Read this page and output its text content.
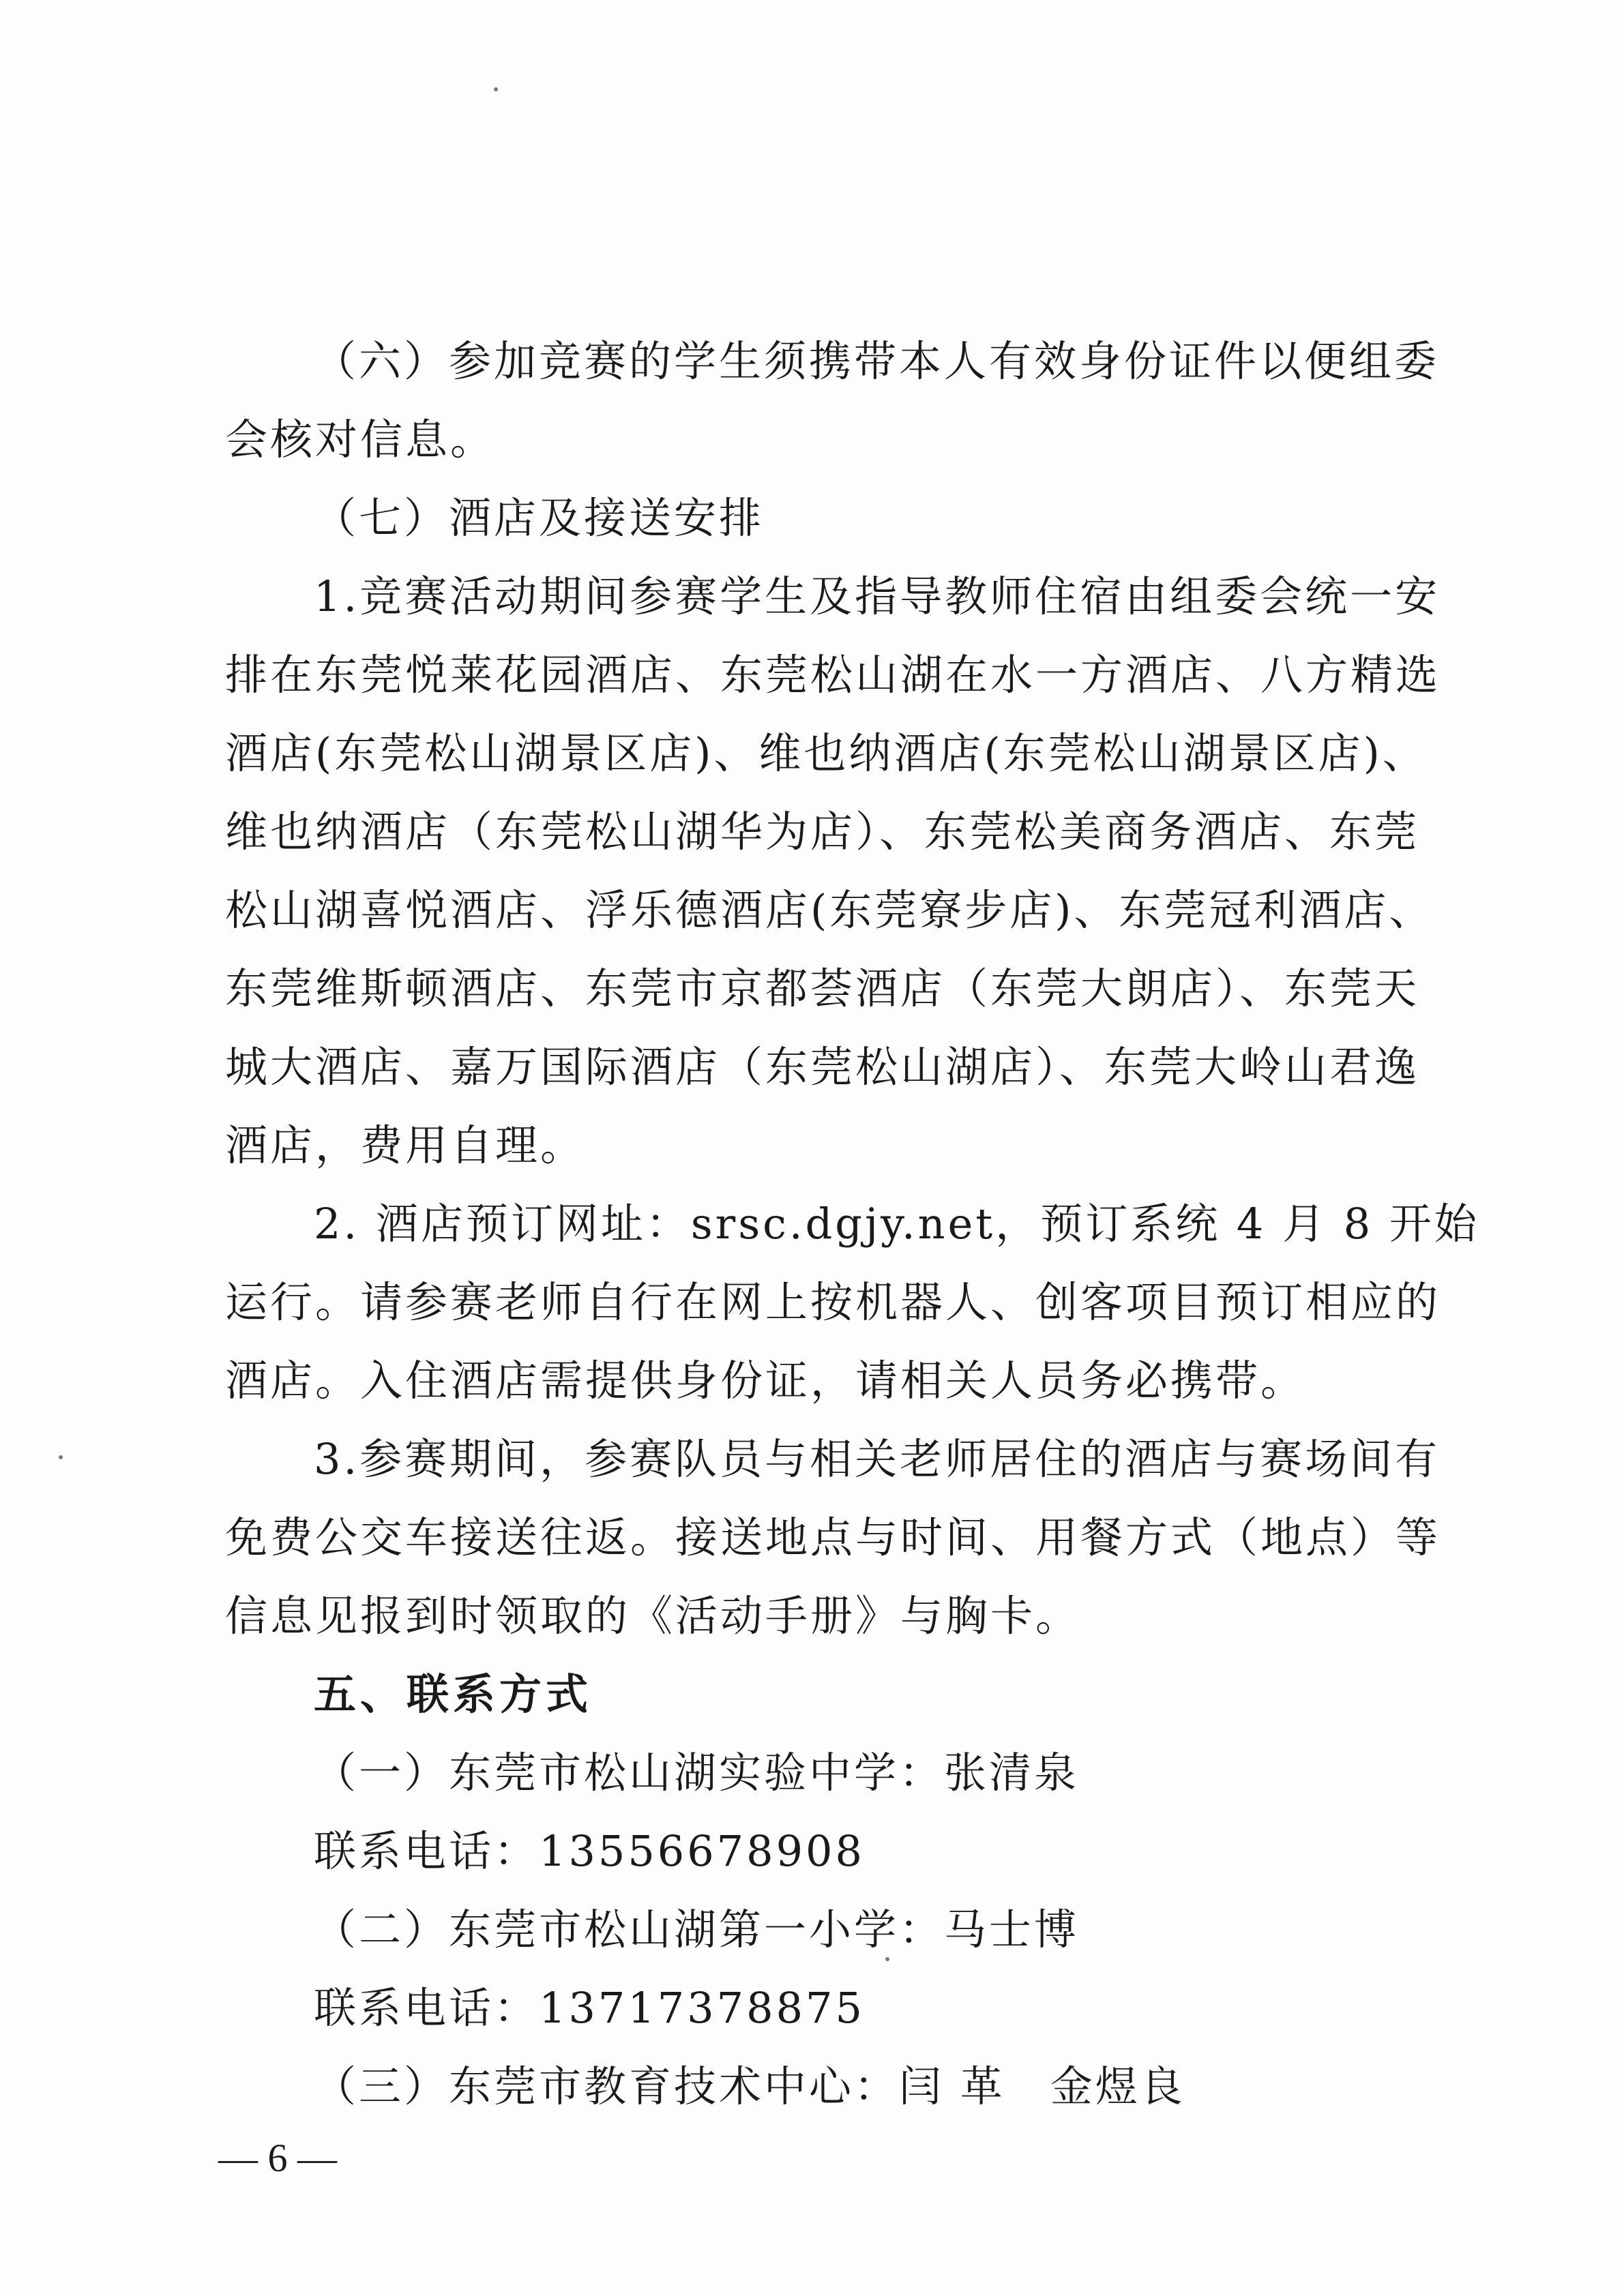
（六）参加竞赛的学生须携带本人有效身份证件以便组委
会核对信息。
（七）酒店及接送安排
1.竞赛活动期间参赛学生及指导教师住宿由组委会统一安
排在东莞悦莱花园酒店、东莞松山湖在水一方酒店、八方精选
酒店(东莞松山湖景区店)、维也纳酒店(东莞松山湖景区店)、
维也纳酒店（东莞松山湖华为店）、东莞松美商务酒店、东莞
松山湖喜悦酒店、浮乐德酒店(东莞寮步店)、东莞冠利酒店、
东莞维斯顿酒店、东莞市京都荟酒店（东莞大朗店）、东莞天
城大酒店、嘉万国际酒店（东莞松山湖店）、东莞大岭山君逸
酒店，费用自理。
2. 酒店预订网址：srsc.dgjy.net，预订系统 4 月 8 开始
运行。请参赛老师自行在网上按机器人、创客项目预订相应的
酒店。入住酒店需提供身份证，请相关人员务必携带。
3.参赛期间，参赛队员与相关老师居住的酒店与赛场间有
免费公交车接送往返。接送地点与时间、用餐方式（地点）等
信息见报到时领取的《活动手册》与胸卡。
五、联系方式
（一）东莞市松山湖实验中学：张清泉
联系电话：13556678908
（二）东莞市松山湖第一小学：马士博
联系电话：13717378875
（三）东莞市教育技术中心：闫 革　金煜良
— 6 —
